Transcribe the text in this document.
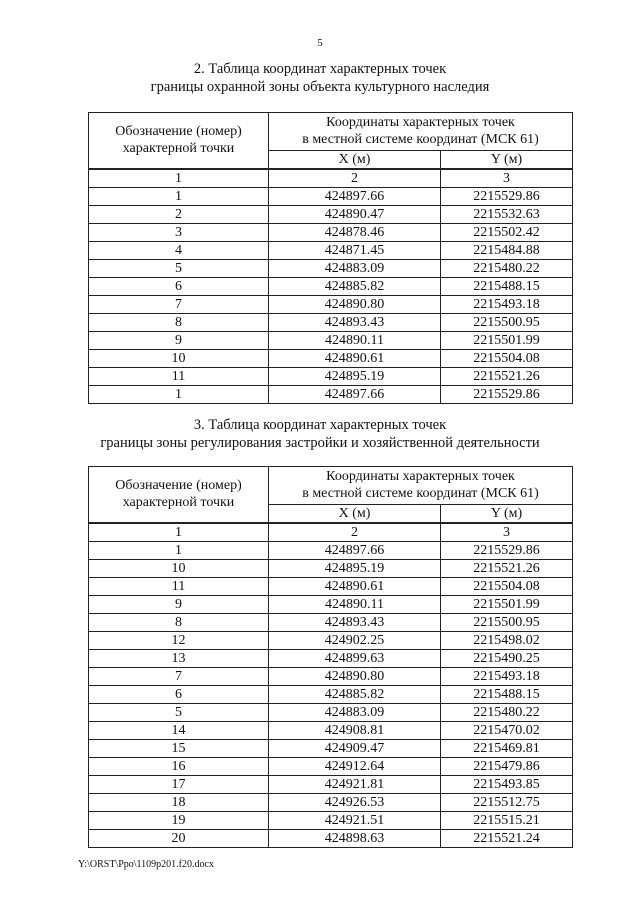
5
2. Таблица координат характерных точек
границы охранной зоны объекта культурного наследия
Обозначение (номер) характерной точки	Координаты характерных точек
в местной системе координат (МСК 61)	

	X (м)	Y (м)
1	2	3
1	424897.66	2215529.86
2	424890.47	2215532.63
3	424878.46	2215502.42
4	424871.45	2215484.88
5	424883.09	2215480.22
6	424885.82	2215488.15
7	424890.80	2215493.18
8	424893.43	2215500.95
9	424890.11	2215501.99
10	424890.61	2215504.08
11	424895.19	2215521.26
1	424897.66	2215529.86
3. Таблица координат характерных точек
границы зоны регулирования застройки и хозяйственной деятельности
Обозначение (номер) характерной точки	Координаты характерных точек
в местной системе координат (МСК 61)	

	X (м)	Y (м)
1	2	3
1	424897.66	2215529.86
10	424895.19	2215521.26
11	424890.61	2215504.08
9	424890.11	2215501.99
8	424893.43	2215500.95
12	424902.25	2215498.02
13	424899.63	2215490.25
7	424890.80	2215493.18
6	424885.82	2215488.15
5	424883.09	2215480.22
14	424908.81	2215470.02
15	424909.47	2215469.81
16	424912.64	2215479.86
17	424921.81	2215493.85
18	424926.53	2215512.75
19	424921.51	2215515.21
20	424898.63	2215521.24
Y:\ORST\Ppo\1109p201.f20.docx
